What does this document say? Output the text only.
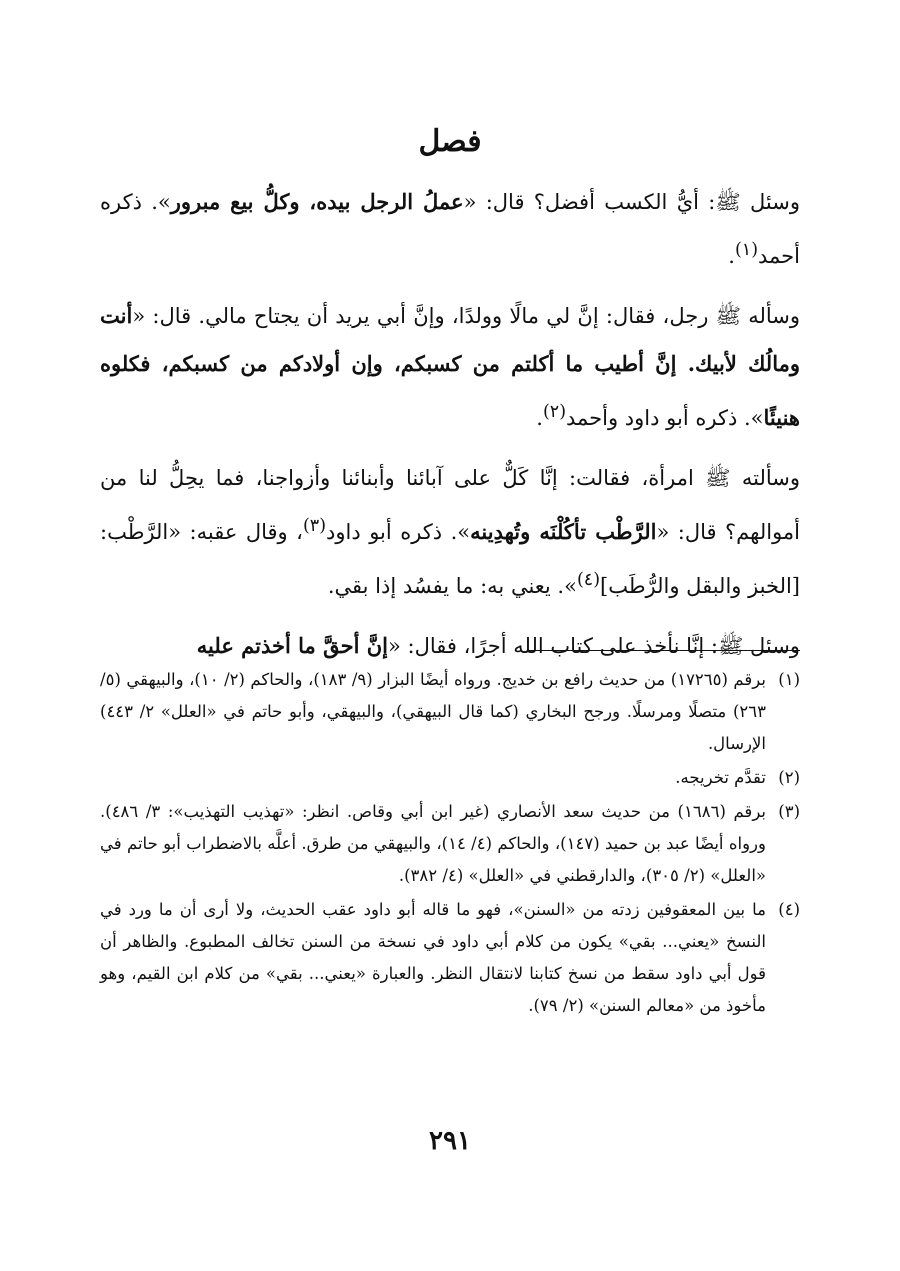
فصل

وسئل ﷺ: أيُّ الكسب أفضل؟ قال: «عملُ الرجل بيده، وكلُّ بيع مبرور». ذكره أحمد$^{(١)}$.

وسأله ﷺ رجل، فقال: إنَّ لي مالًا وولدًا، وإنَّ أبي يريد أن يجتاح مالي. قال: «أنت ومالُك لأبيك. إنَّ أطيب ما أكلتم من كسبكم، وإن أولادكم من كسبكم، فكلوه هنيئًا». ذكره أبو داود وأحمد$^{(٢)}$.

وسألته ﷺ امرأة، فقالت: إنَّا كَلٌّ على آبائنا وأبنائنا وأزواجنا، فما يحِلُّ لنا من أموالهم؟ قال: «الرَّطْب تأكُلْنَه وتُهدِينه». ذكره أبو داود$^{(٣)}$، وقال عقبه: «الرَّطْب: [الخبز والبقل والرُّطَب]$^{(٤)}$». يعني به: ما يفسُد إذا بقي.

وسئل ﷺ: إنَّا نأخذ على كتاب الله أجرًا، فقال: «إنَّ أحقَّ ما أخذتم عليه

(١)
برقم (١٧٢٦٥) من حديث رافع بن خديج. ورواه أيضًا البزار (٩/ ١٨٣)، والحاكم (٢/ ١٠)، والبيهقي (٥/ ٢٦٣) متصلًا ومرسلًا. ورجح البخاري (كما قال البيهقي)، والبيهقي، وأبو حاتم في «العلل» ٢/ ٤٤٣) الإرسال.
(٢)
تقدَّم تخريجه.
(٣)
برقم (١٦٨٦) من حديث سعد الأنصاري (غير ابن أبي وقاص. انظر: «تهذيب التهذيب»: ٣/ ٤٨٦). ورواه أيضًا عبد بن حميد (١٤٧)، والحاكم (٤/ ١٤)، والبيهقي من طرق. أعلَّه بالاضطراب أبو حاتم في «العلل» (٢/ ٣٠٥)، والدارقطني في «العلل» (٤/ ٣٨٢).
(٤)
ما بين المعقوفين زدته من «السنن»، فهو ما قاله أبو داود عقب الحديث، ولا أرى أن ما ورد في النسخ «يعني... بقي» يكون من كلام أبي داود في نسخة من السنن تخالف المطبوع. والظاهر أن قول أبي داود سقط من نسخ كتابنا لانتقال النظر. والعبارة «يعني... بقي» من كلام ابن القيم، وهو مأخوذ من «معالم السنن» (٢/ ٧٩).
٢٩١
